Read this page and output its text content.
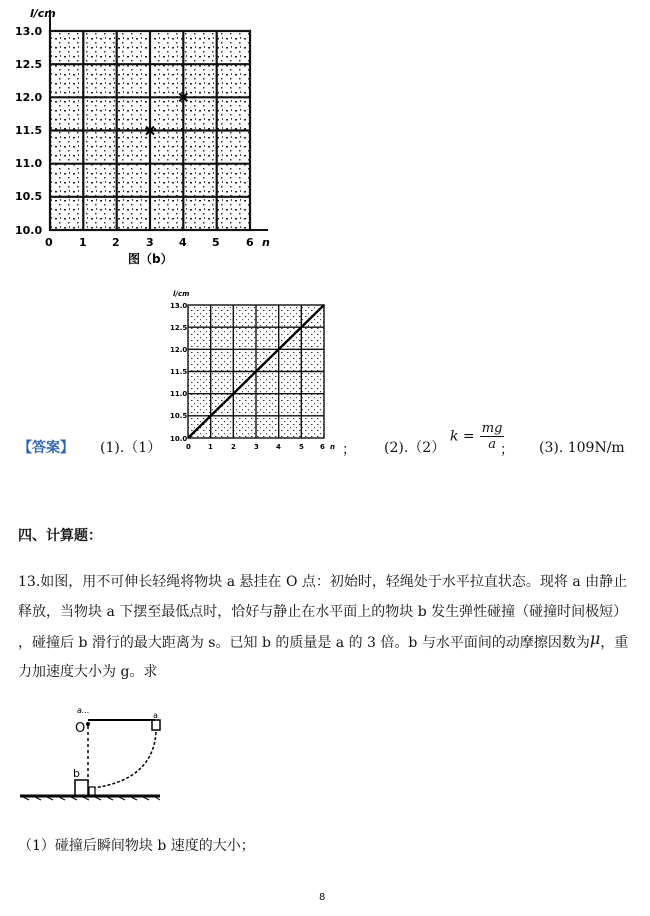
l/cm
13.0
12.5
12.0
11.5
11.0
10.5
10.0
0 1 2 3 4 5 6 n
图（b）
【答案】 (1).（1）
l/cm
13.0
12.5
12.0
11.5
11.0
10.5
10.0
0 1	2	3 4	5 6 n ； (2).（2）
$k = \frac{mg}{a}$
； (3). 109N/m
四、计算题：
13.如图，用不可伸长轻绳将物块 a 悬挂在 O 点：初始时，轻绳处于水平拉直状态。现将 a 由静止
释放，当物块 a 下摆至最低点时，恰好与静止在水平面上的物块 b 发生弹性碰撞（碰撞时间极短）
，碰撞后 b 滑行的最大距离为 s。已知 b 的质量是 a 的 3 倍。b 与水平面间的动摩擦因数为μ，重
力加速度大小为 g。求
a...
O
a
b
（1）碰撞后瞬间物块 b 速度的大小；
8
